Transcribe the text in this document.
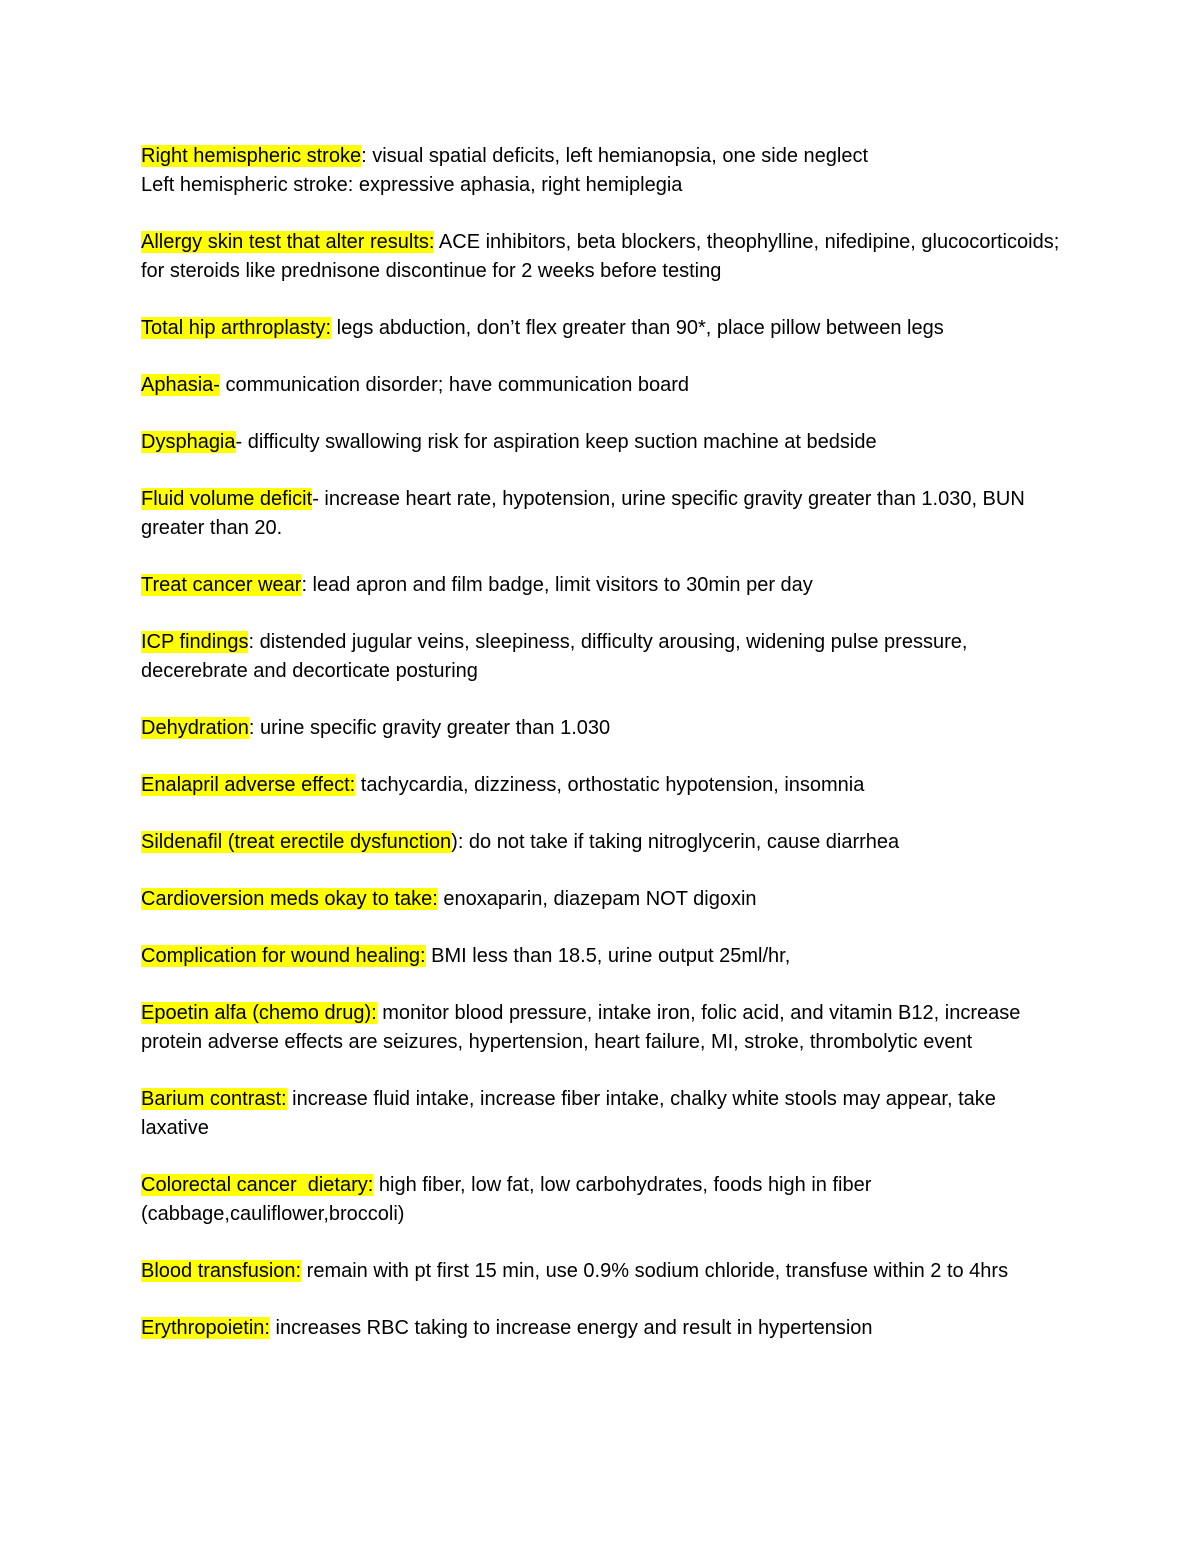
Right hemispheric stroke: visual spatial deficits, left hemianopsia, one side neglect

Left hemispheric stroke: expressive aphasia, right hemiplegia

Allergy skin test that alter results: ACE inhibitors, beta blockers, theophylline, nifedipine, glucocorticoids; for steroids like prednisone discontinue for 2 weeks before testing

Total hip arthroplasty: legs abduction, don’t flex greater than 90*, place pillow between legs

Aphasia- communication disorder; have communication board

Dysphagia- difficulty swallowing risk for aspiration keep suction machine at bedside

Fluid volume deficit- increase heart rate, hypotension, urine specific gravity greater than 1.030, BUN greater than 20.

Treat cancer wear: lead apron and film badge, limit visitors to 30min per day

ICP findings: distended jugular veins, sleepiness, difficulty arousing, widening pulse pressure, decerebrate and decorticate posturing

Dehydration: urine specific gravity greater than 1.030

Enalapril adverse effect: tachycardia, dizziness, orthostatic hypotension, insomnia

Sildenafil (treat erectile dysfunction): do not take if taking nitroglycerin, cause diarrhea

Cardioversion meds okay to take: enoxaparin, diazepam NOT digoxin

Complication for wound healing: BMI less than 18.5, urine output 25ml/hr,

Epoetin alfa (chemo drug): monitor blood pressure, intake iron, folic acid, and vitamin B12, increase protein adverse effects are seizures, hypertension, heart failure, MI, stroke, thrombolytic event

Barium contrast: increase fluid intake, increase fiber intake, chalky white stools may appear, take laxative

Colorectal cancer  dietary: high fiber, low fat, low carbohydrates, foods high in fiber (cabbage,cauliflower,broccoli)

Blood transfusion: remain with pt first 15 min, use 0.9% sodium chloride, transfuse within 2 to 4hrs

Erythropoietin: increases RBC taking to increase energy and result in hypertension
